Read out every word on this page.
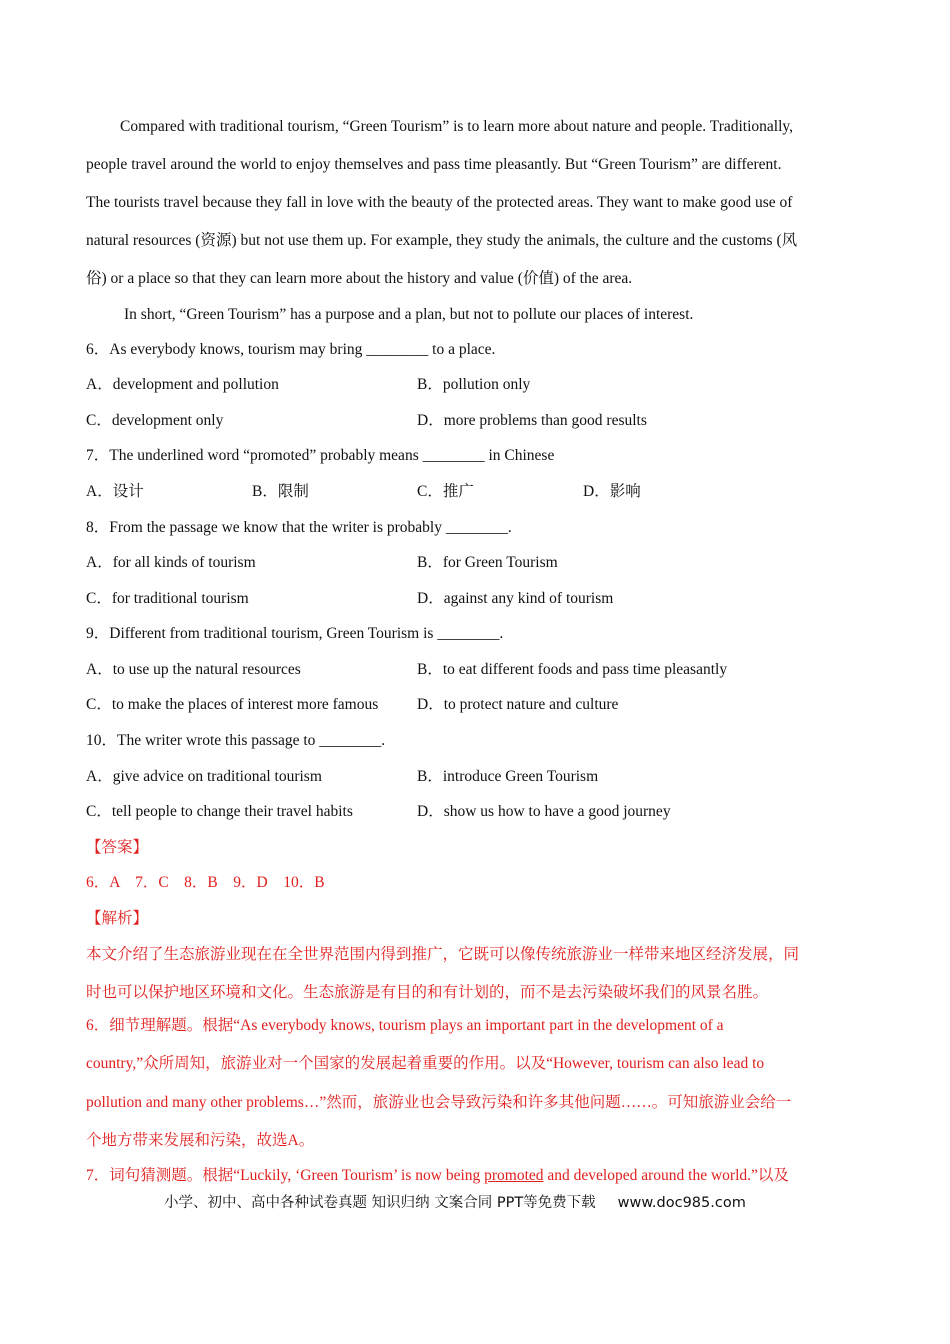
Compared with traditional tourism, “Green Tourism” is to learn more about nature and people. Traditionally,
people travel around the world to enjoy themselves and pass time pleasantly. But “Green Tourism” are different.
The tourists travel because they fall in love with the beauty of the protected areas. They want to make good use of
natural resources (资源) but not use them up. For example, they study the animals, the culture and the customs (风
俗) or a place so that they can learn more about the history and value (价值) of the area.
In short, “Green Tourism” has a purpose and a plan, but not to pollute our places of interest.
6．As everybody knows, tourism may bring ________ to a place.
A．development and pollution	B．pollution only
C．development only	D．more problems than good results
7．The underlined word “promoted” probably means ________ in Chinese
A．设计	B．限制	C．推广	D．影响
8．From the passage we know that the writer is probably ________.
A．for all kinds of tourism	B．for Green Tourism
C．for traditional tourism	D．against any kind of tourism
9．Different from traditional tourism, Green Tourism is ________.
A．to use up the natural resources	B．to eat different foods and pass time pleasantly
C．to make the places of interest more famous D．to protect nature and culture
10．The writer wrote this passage to ________.
A．give advice on traditional tourism	B．introduce Green Tourism
C．tell people to change their travel habits	D．show us how to have a good journey
【答案】
6．A    7．C    8．B    9．D    10．B
【解析】
本文介绍了生态旅游业现在在全世界范围内得到推广，它既可以像传统旅游业一样带来地区经济发展，同
时也可以保护地区环境和文化。生态旅游是有目的和有计划的，而不是去污染破坏我们的风景名胜。
6．细节理解题。根据“As everybody knows, tourism plays an important part in the development of a
country,”众所周知，旅游业对一个国家的发展起着重要的作用。以及“However, tourism can also lead to
pollution and many other problems…”然而，旅游业也会导致污染和许多其他问题……。可知旅游业会给一
个地方带来发展和污染，故选A。
7．词句猜测题。根据“Luckily, ‘Green Tourism’ is now being promoted and developed around the world.”以及
小学、初中、高中各种试卷真题 知识归纳 文案合同 PPT等免费下载 www.doc985.com
